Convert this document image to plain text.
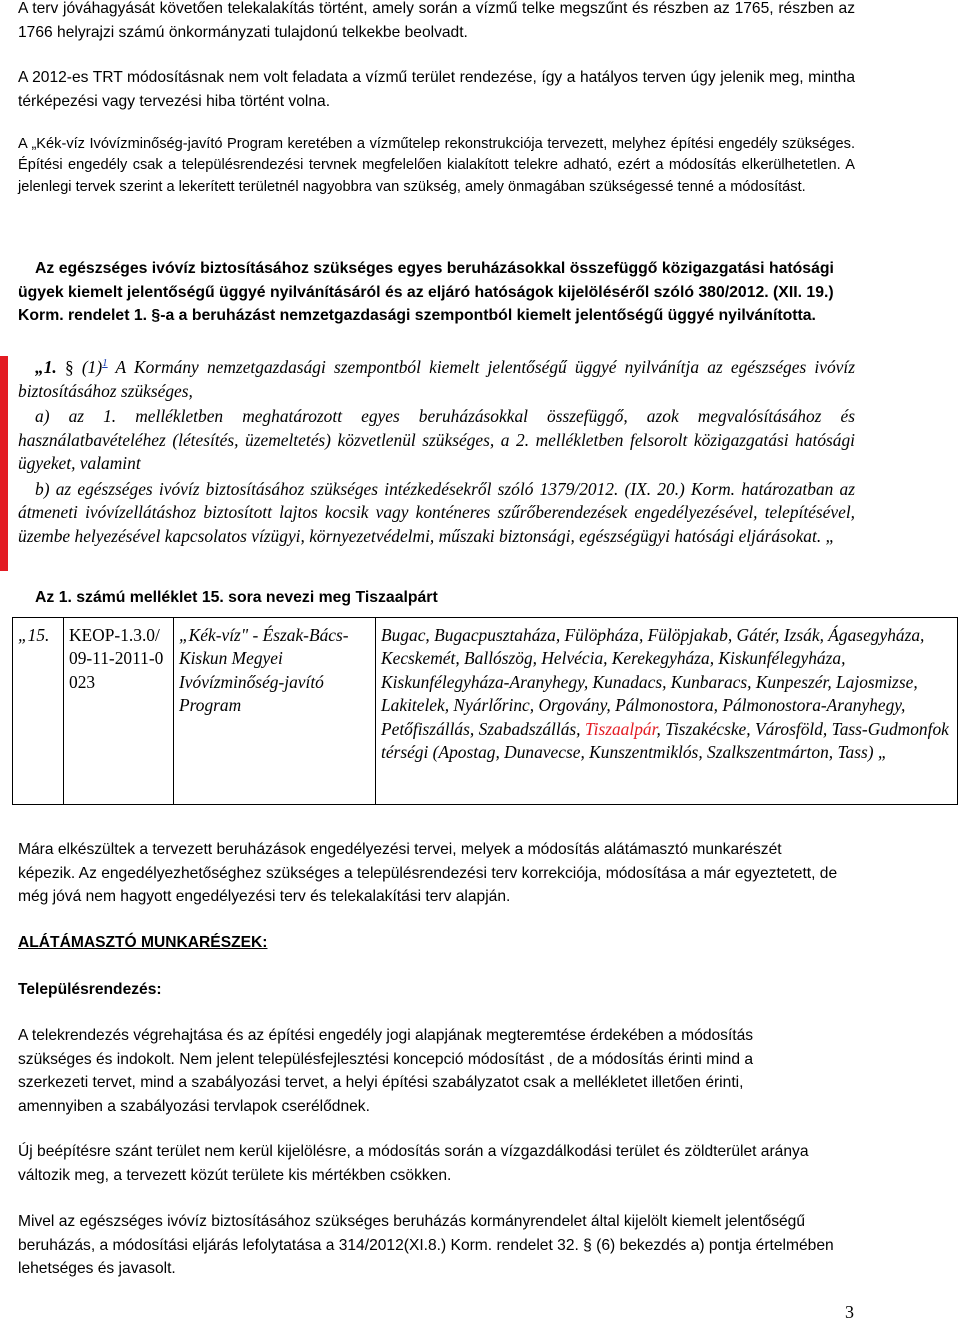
A terv jóváhagyását követően telekalakítás történt, amely során a vízmű telke megszűnt és részben az 1765, részben az 1766 helyrajzi számú önkormányzati tulajdonú telkekbe beolvadt.

A 2012-es TRT módosításnak nem volt feladata a vízmű terület rendezése, így a hatályos terven úgy jelenik meg, mintha térképezési vagy tervezési hiba történt volna.

A „Kék-víz Ivóvízminőség-javító Program keretében a vízműtelep rekonstrukciója tervezett, melyhez építési engedély szükséges. Építési engedély csak a településrendezési tervnek megfelelően kialakított telekre adható, ezért a módosítás elkerülhetetlen. A jelenlegi tervek szerint a lekerített területnél nagyobbra van szükség, amely önmagában szükségessé tenné a módosítást.

Az egészséges ivóvíz biztosításához szükséges egyes beruházásokkal összefüggő közigazgatási hatósági ügyek kiemelt jelentőségű üggyé nyilvánításáról és az eljáró hatóságok kijelöléséről szóló 380/2012. (XII. 19.) Korm. rendelet 1. §-a a beruházást nemzetgazdasági szempontból kiemelt jelentőségű üggyé nyilvánította.

„1. § $(1)^1$ A Kormány nemzetgazdasági szempontból kiemelt jelentőségű üggyé nyilvánítja az egészséges ivóvíz biztosításához szükséges,
a) az 1. mellékletben meghatározott egyes beruházásokkal összefüggő, azok megvalósításához és használatbavételéhez (létesítés, üzemeltetés) közvetlenül szükséges, a 2. mellékletben felsorolt közigazgatási hatósági ügyeket, valamint
b) az egészséges ivóvíz biztosításához szükséges intézkedésekről szóló 1379/2012. (IX. 20.) Korm. határozatban az átmeneti ivóvízellátáshoz biztosított lajtos kocsik vagy konténeres szűrőberendezések engedélyezésével, telepítésével, üzembe helyezésével kapcsolatos vízügyi, környezetvédelmi, műszaki biztonsági, egészségügyi hatósági eljárásokat. „

Az 1. számú melléklet 15. sora nevezi meg Tiszaalpárt

„15.	KEOP-1.3.0/09-11-2011-0023	„Kék-víz" - Észak-Bács-Kiskun Megyei Ivóvízminőség-javító Program	Bugac, Bugacpusztaháza, Fülöpháza, Fülöpjakab, Gátér, Izsák, Ágasegyháza, Kecskemét, Ballószög, Helvécia, Kerekegyháza, Kiskunfélegyháza, Kiskunfélegyháza-Aranyhegy, Kunadacs, Kunbaracs, Kunpeszér, Lajosmizse, Lakitelek, Nyárlőrinc, Orgovány, Pálmonostora, Pálmonostora-Aranyhegy, Petőfiszállás, Szabadszállás, Tiszaalpár, Tiszakécske, Városföld, Tass-Gudmonfok térségi (Apostag, Dunavecse, Kunszentmiklós, Szalkszentmárton, Tass) „

Mára elkészültek a tervezett beruházások engedélyezési tervei, melyek a módosítás alátámasztó munkarészét képezik. Az engedélyezhetőséghez szükséges a településrendezési terv korrekciója, módosítása a már egyeztetett, de még jóvá nem hagyott engedélyezési terv és telekalakítási terv alapján.

ALÁTÁMASZTÓ MUNKARÉSZEK:

Településrendezés:

A telekrendezés végrehajtása és az építési engedély jogi alapjának megteremtése érdekében a módosítás szükséges és indokolt. Nem jelent településfejlesztési koncepció módosítást , de a módosítás érinti mind a szerkezeti tervet, mind a szabályozási tervet, a helyi építési szabályzatot csak a mellékletet illetően érinti, amennyiben a szabályozási tervlapok cserélődnek.

Új beépítésre szánt terület nem kerül kijelölésre, a módosítás során a vízgazdálkodási terület és zöldterület aránya változik meg, a tervezett közút területe kis mértékben csökken.

Mivel az egészséges ivóvíz biztosításához szükséges beruházás kormányrendelet által kijelölt kiemelt jelentőségű beruházás, a módosítási eljárás lefolytatása a 314/2012(XI.8.) Korm. rendelet 32. § (6) bekezdés a) pontja értelmében lehetséges és javasolt.

3
